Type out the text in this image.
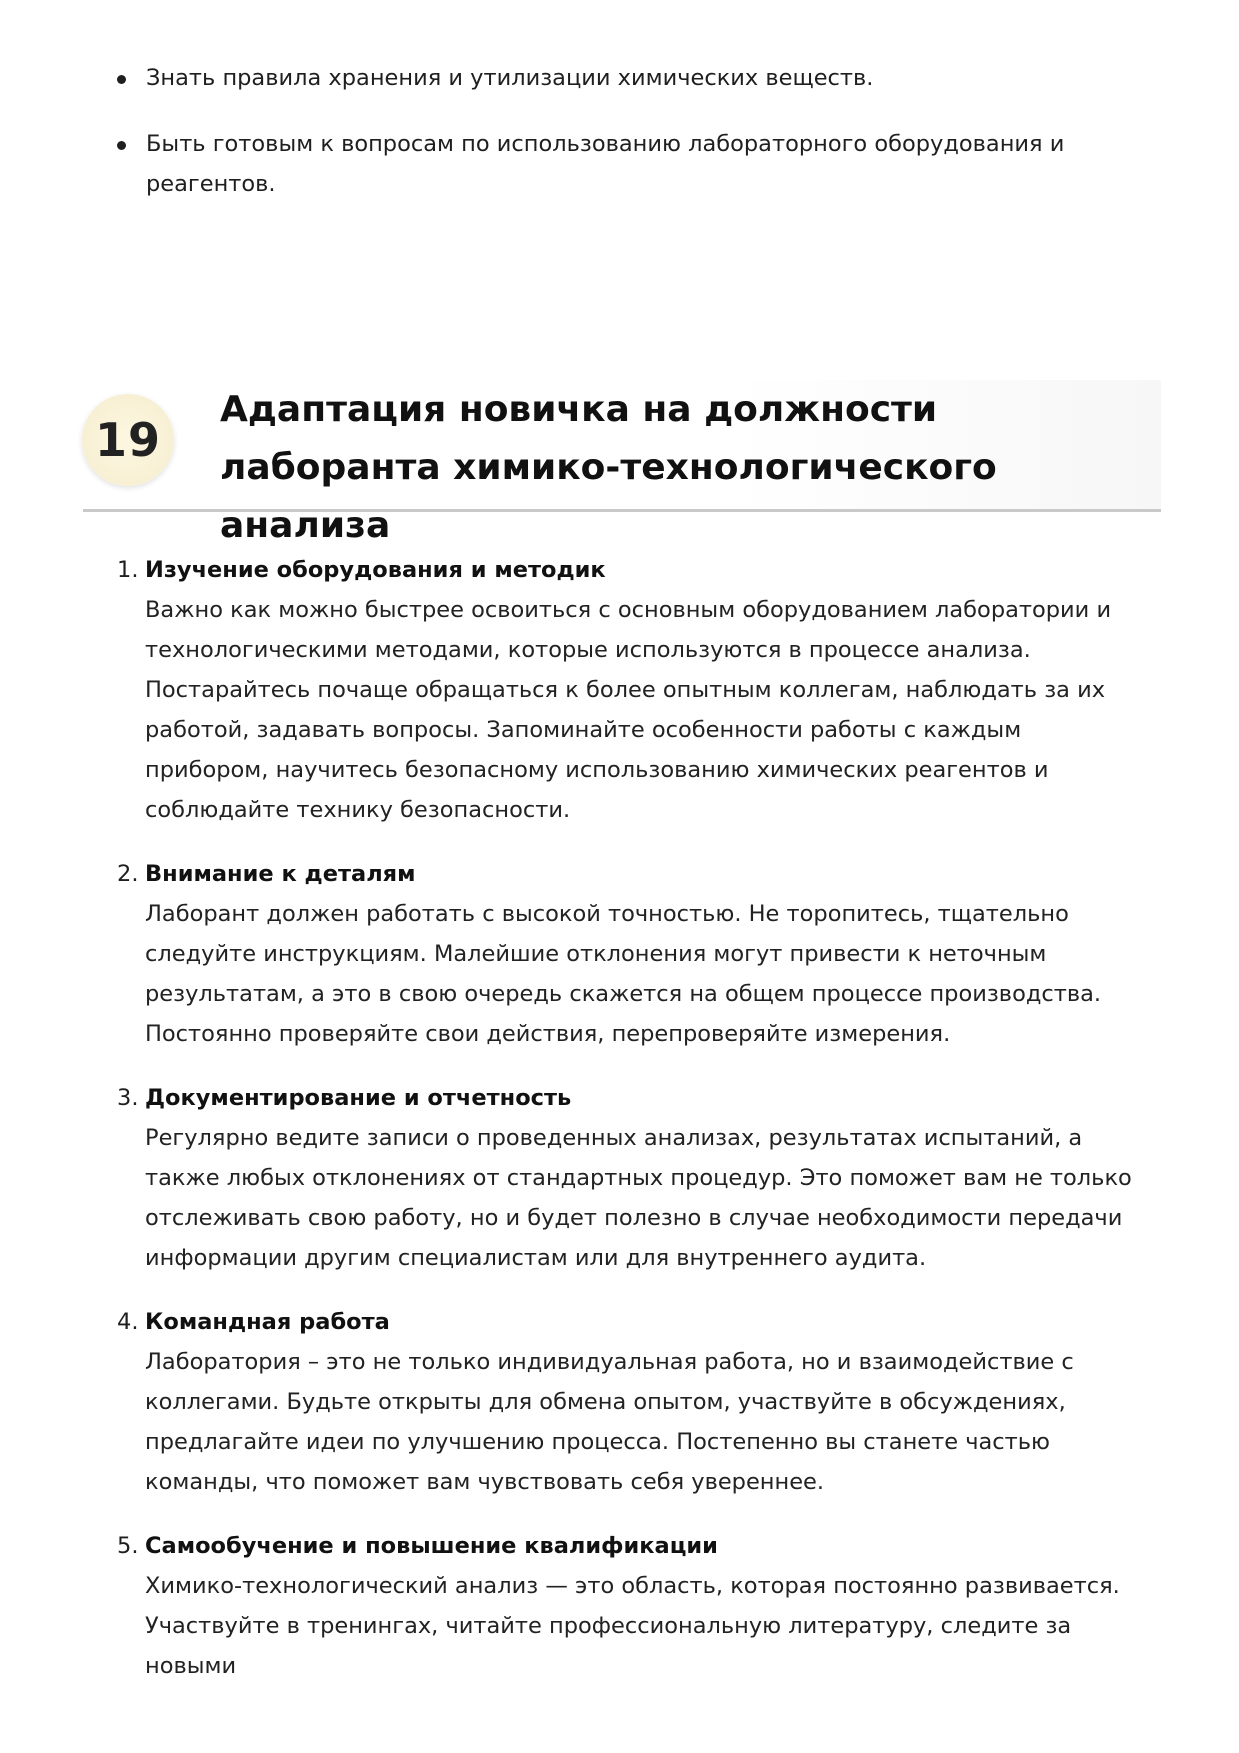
Знать правила хранения и утилизации химических веществ.
Быть готовым к вопросам по использованию лабораторного оборудования и реагентов.
19
Адаптация новичка на должности лаборанта химико-технологического анализа
1. Изучение оборудования и методик
Важно как можно быстрее освоиться с основным оборудованием лаборатории и технологическими методами, которые используются в процессе анализа. Постарайтесь почаще обращаться к более опытным коллегам, наблюдать за их работой, задавать вопросы. Запоминайте особенности работы с каждым прибором, научитесь безопасному использованию химических реагентов и соблюдайте технику безопасности.
2. Внимание к деталям
Лаборант должен работать с высокой точностью. Не торопитесь, тщательно следуйте инструкциям. Малейшие отклонения могут привести к неточным результатам, а это в свою очередь скажется на общем процессе производства. Постоянно проверяйте свои действия, перепроверяйте измерения.
3. Документирование и отчетность
Регулярно ведите записи о проведенных анализах, результатах испытаний, а также любых отклонениях от стандартных процедур. Это поможет вам не только отслеживать свою работу, но и будет полезно в случае необходимости передачи информации другим специалистам или для внутреннего аудита.
4. Командная работа
Лаборатория – это не только индивидуальная работа, но и взаимодействие с коллегами. Будьте открыты для обмена опытом, участвуйте в обсуждениях, предлагайте идеи по улучшению процесса. Постепенно вы станете частью команды, что поможет вам чувствовать себя увереннее.
5. Самообучение и повышение квалификации
Химико-технологический анализ — это область, которая постоянно развивается. Участвуйте в тренингах, читайте профессиональную литературу, следите за новыми
